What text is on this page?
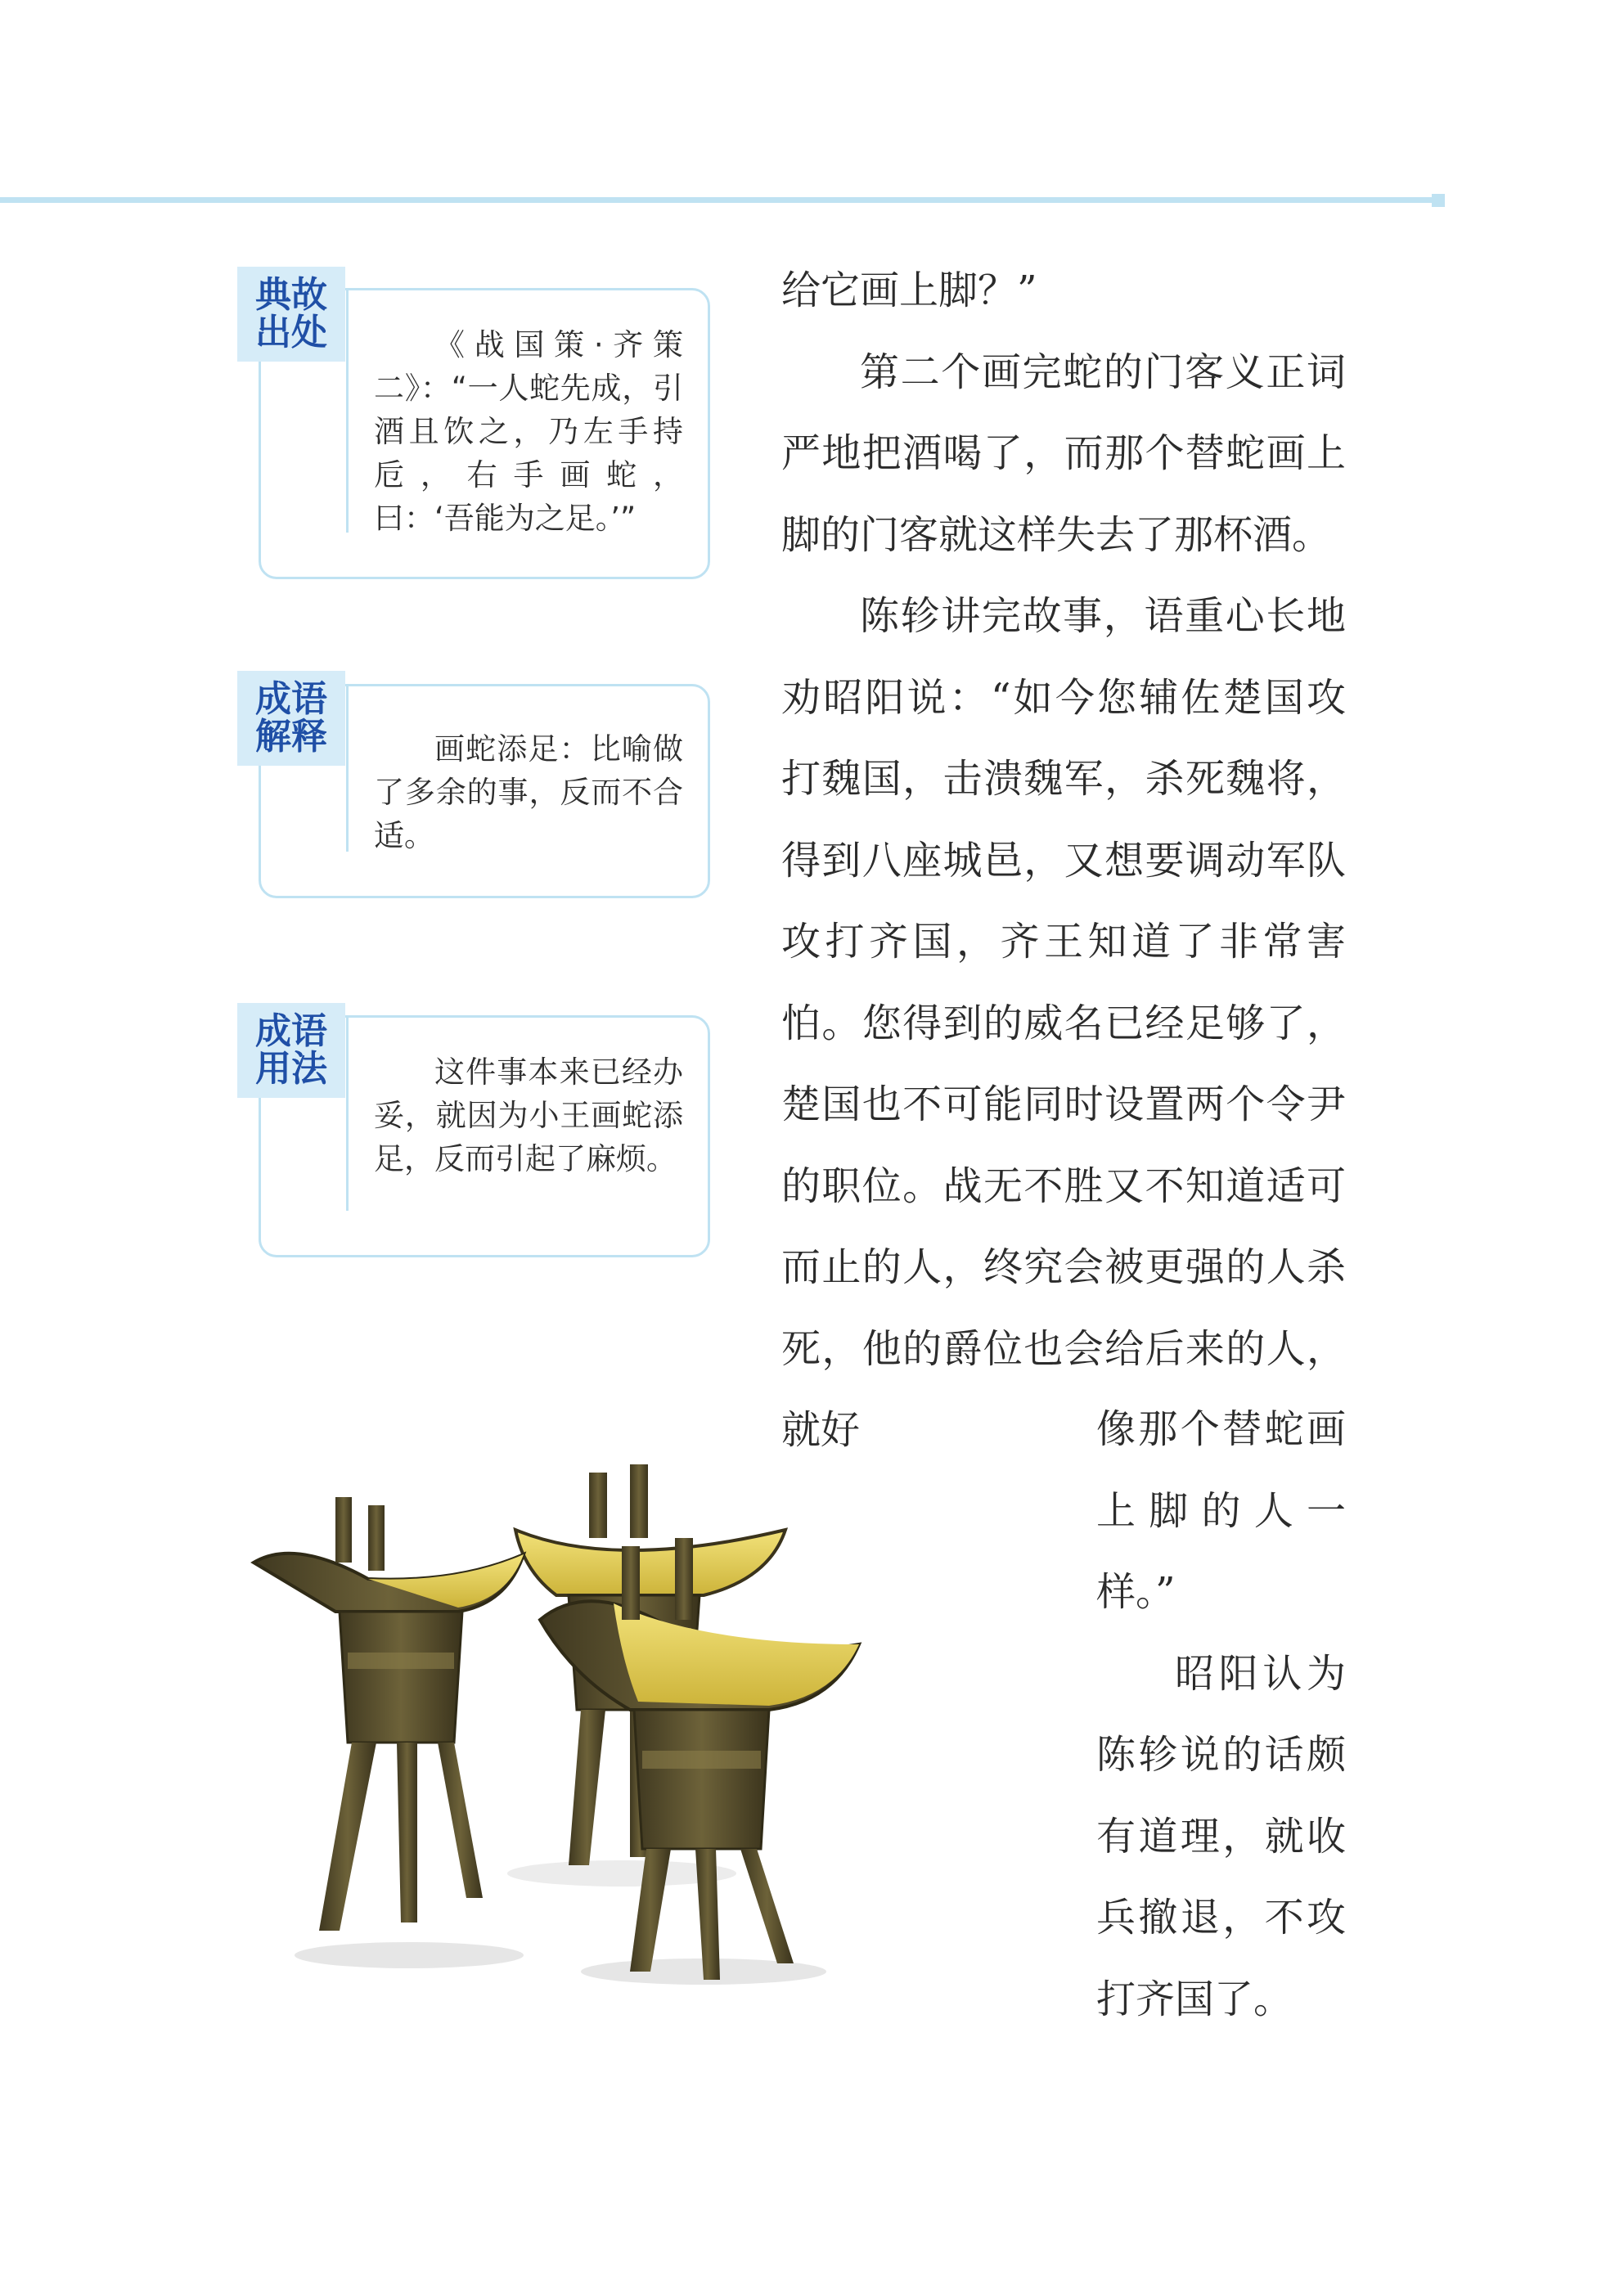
《战国策·齐策二》：“一人蛇先成，引酒且饮之，乃左手持卮，右手画蛇，曰：‘吾能为之足。’”
典故
出处
画蛇添足：比喻做了多余的事，反而不合适。
成语
解释
这件事本来已经办妥，就因为小王画蛇添足，反而引起了麻烦。
成语
用法

给它画上脚？”

第二个画完蛇的门客义正词严地把酒喝了，而那个替蛇画上脚的门客就这样失去了那杯酒。

陈轸讲完故事，语重心长地劝昭阳说：“如今您辅佐楚国攻打魏国，击溃魏军，杀死魏将，得到八座城邑，又想要调动军队攻打齐国，齐王知道了非常害怕。您得到的威名已经足够了，楚国也不可能同时设置两个令尹的职位。战无不胜又不知道适可而止的人，终究会被更强的人杀死，他的爵位也会给后来的人，就好	像那个替蛇画上脚的人一样。”

昭阳认为陈轸说的话颇有道理，就收兵撤退，不攻打齐国了。
